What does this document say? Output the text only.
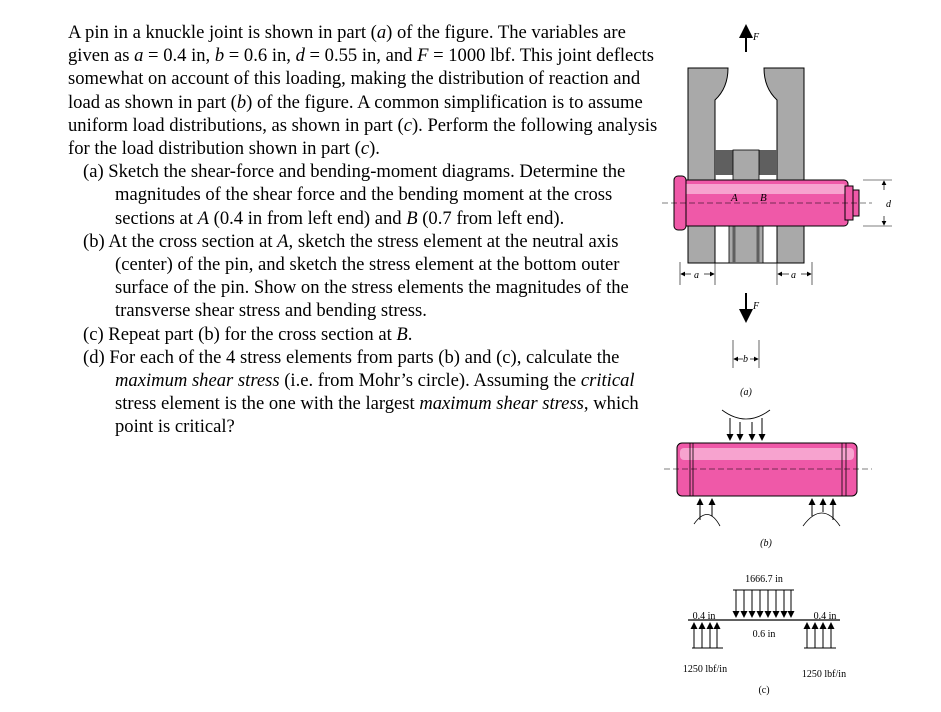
A pin in a knuckle joint is shown in part (a) of the figure. The variables are given as a = 0.4 in, b = 0.6 in, d = 0.55 in, and F = 1000 lbf. This joint deflects somewhat on account of this loading, making the distribution of reaction and load as shown in part (b) of the figure. A common simplification is to assume uniform load distributions, as shown in part (c). Perform the following analysis for the load distribution shown in part (c).

(a) Sketch the shear-force and bending-moment diagrams. Determine the magnitudes of the shear force and the bending moment at the cross sections at A (0.4 in from left end) and B (0.7 from left end).
(b) At the cross section at A, sketch the stress element at the neutral axis (center) of the pin, and sketch the stress element at the bottom outer surface of the pin. Show on the stress elements the magnitudes of the transverse shear stress and bending stress.
(c) Repeat part (b) for the cross section at B.
(d) For each of the 4 stress elements from parts (b) and (c), calculate the maximum shear stress (i.e. from Mohr’s circle). Assuming the critical stress element is the one with the largest maximum shear stress, which point is critical?
F
A B
d
a	a
F
b
(a)
(b)
1666.7 in
0.4 in
0.6 in
0.4 in
1250 lbf/in	1250 lbf/in
(c)
